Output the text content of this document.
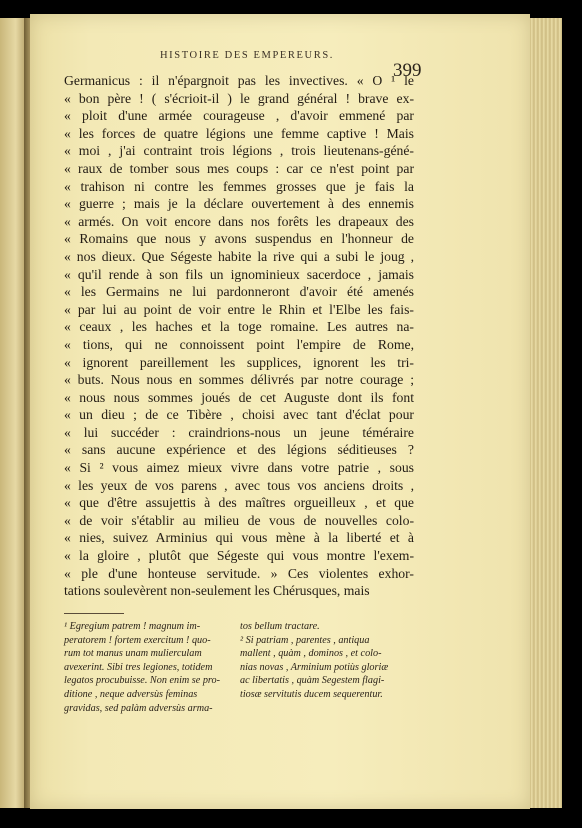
HISTOIRE DES EMPEREURS.
399
Germanicus : il n'épargnoit pas les invectives. « O ¹ le
« bon père ! ( s'écrioit-il ) le grand général ! brave ex-
« ploit d'une armée courageuse , d'avoir emmené par
« les forces de quatre légions une femme captive ! Mais
« moi , j'ai contraint trois légions , trois lieutenans-géné-
« raux de tomber sous mes coups : car ce n'est point par
« trahison ni contre les femmes grosses que je fais la
« guerre ; mais je la déclare ouvertement à des ennemis
« armés. On voit encore dans nos forêts les drapeaux des
« Romains que nous y avons suspendus en l'honneur de
« nos dieux. Que Ségeste habite la rive qui a subi le joug ,
« qu'il rende à son fils un ignominieux sacerdoce , jamais
« les Germains ne lui pardonneront d'avoir été amenés
« par lui au point de voir entre le Rhin et l'Elbe les fais-
« ceaux , les haches et la toge romaine. Les autres na-
« tions, qui ne connoissent point l'empire de Rome,
« ignorent pareillement les supplices, ignorent les tri-
« buts. Nous nous en sommes délivrés par notre courage ;
« nous nous sommes joués de cet Auguste dont ils font
« un dieu ; de ce Tibère , choisi avec tant d'éclat pour
« lui succéder : craindrions-nous un jeune téméraire
« sans aucune expérience et des légions séditieuses ?
« Si ² vous aimez mieux vivre dans votre patrie , sous
« les yeux de vos parens , avec tous vos anciens droits ,
« que d'être assujettis à des maîtres orgueilleux , et que
« de voir s'établir au milieu de vous de nouvelles colo-
« nies, suivez Arminius qui vous mène à la liberté et à
« la gloire , plutôt que Ségeste qui vous montre l'exem-
« ple d'une honteuse servitude. » Ces violentes exhor-
tations soulevèrent non-seulement les Chérusques, mais
¹ Egregium patrem ! magnum im-
peratorem ! fortem exercitum ! quo-
rum tot manus unam mulierculam
avexerint. Sibi tres legiones, totidem
legatos procubuisse. Non enim se pro-
ditione , neque adversùs feminas
gravidas, sed palàm adversùs arma-
tos bellum tractare.
² Si patriam , parentes , antiqua
mallent , quàm , dominos , et colo-
nias novas , Arminium potiùs gloriæ
ac libertatis , quàm Segestem flagi-
tiosæ servitutis ducem sequerentur.
